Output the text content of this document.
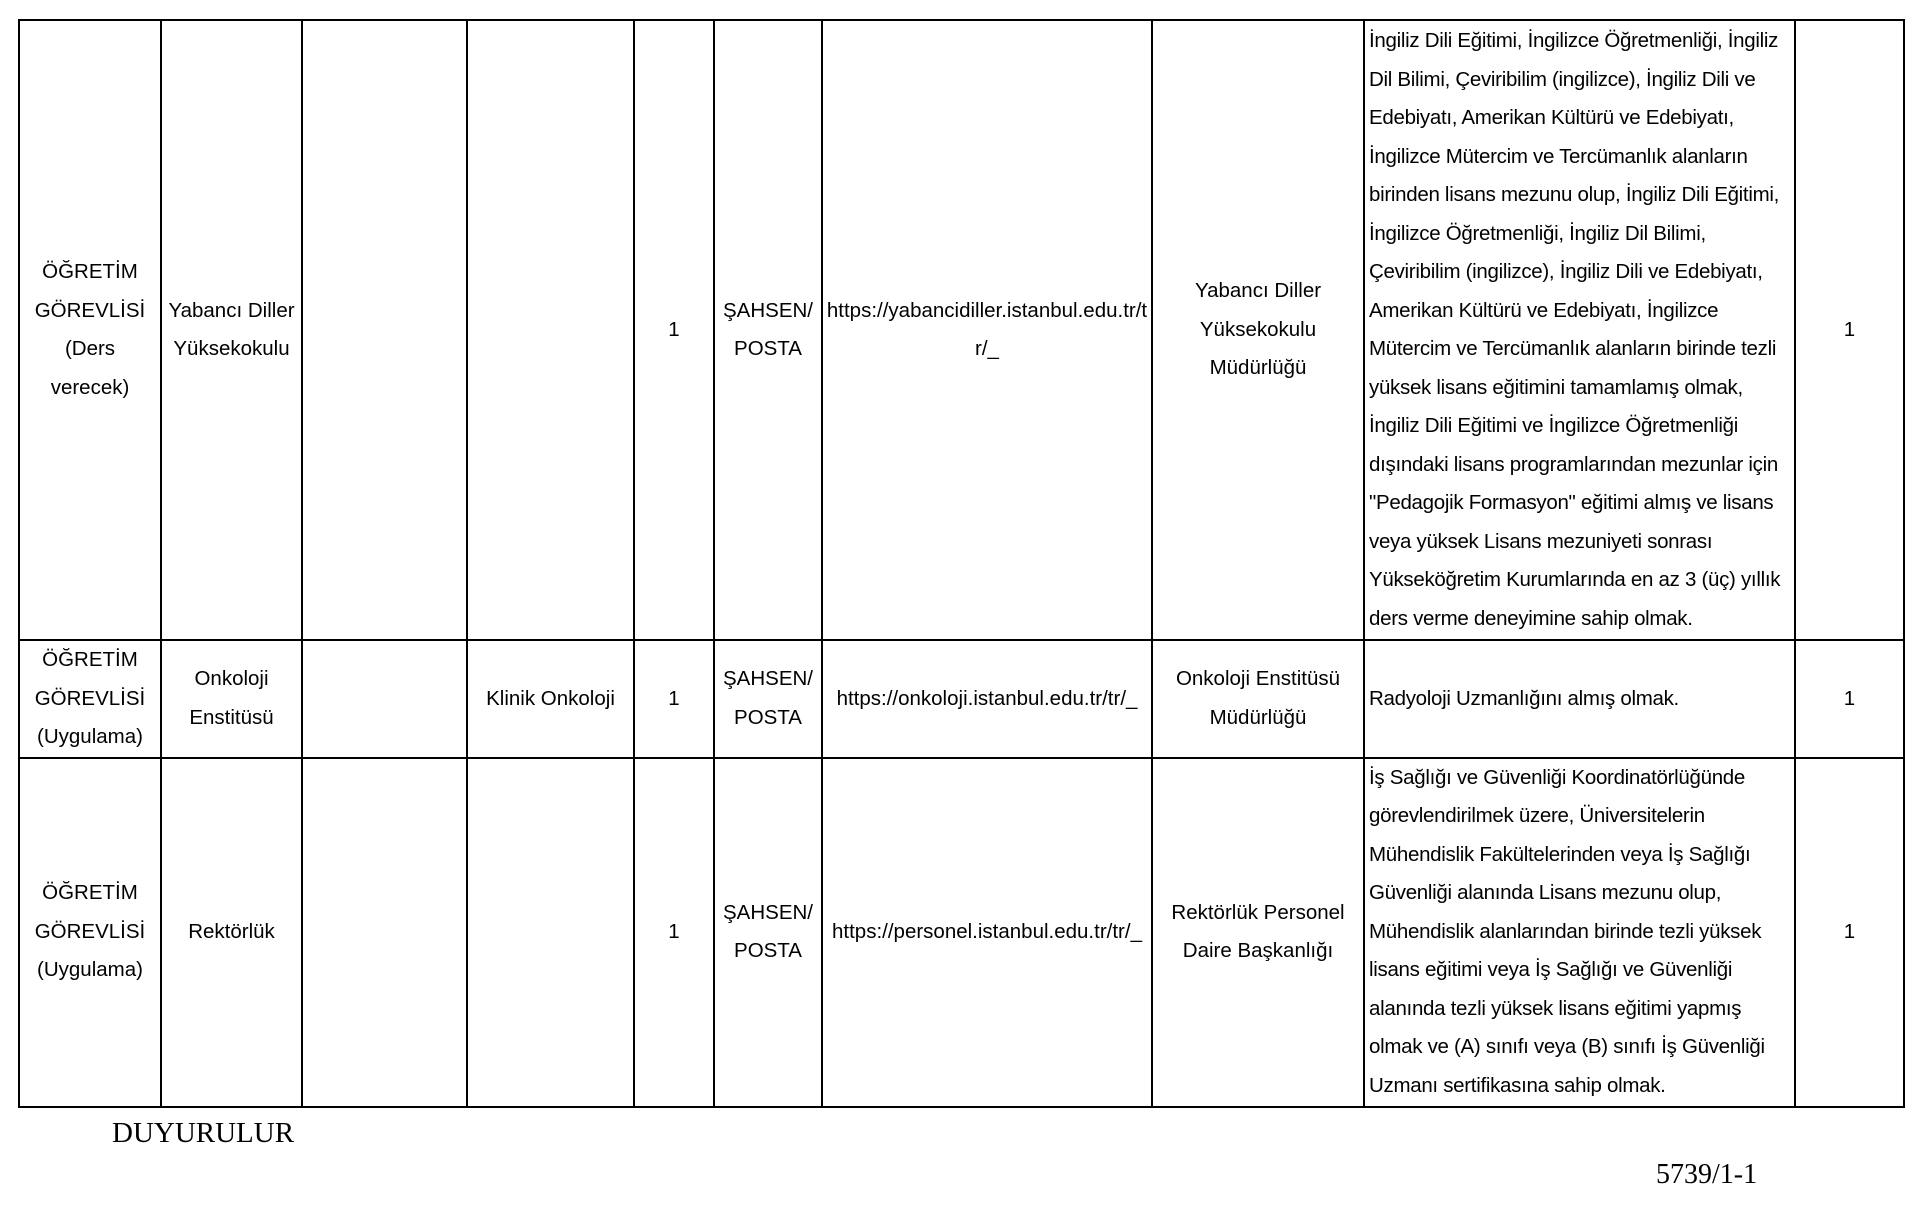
ÖĞRETİM GÖREVLİSİ (Ders verecek)	Yabancı Diller Yüksekokulu			1	ŞAHSEN/ POSTA	https://yabancidiller.istanbul.edu.tr/tr/_	Yabancı Diller Yüksekokulu Müdürlüğü	İngiliz Dili Eğitimi, İngilizce Öğretmenliği, İngiliz Dil Bilimi, Çeviribilim (ingilizce), İngiliz Dili ve Edebiyatı, Amerikan Kültürü ve Edebiyatı, İngilizce Mütercim ve Tercümanlık alanların birinden lisans mezunu olup, İngiliz Dili Eğitimi, İngilizce Öğretmenliği, İngiliz Dil Bilimi, Çeviribilim (ingilizce), İngiliz Dili ve Edebiyatı, Amerikan Kültürü ve Edebiyatı, İngilizce Mütercim ve Tercümanlık alanların birinde tezli yüksek lisans eğitimini tamamlamış olmak, İngiliz Dili Eğitimi ve İngilizce Öğretmenliği dışındaki lisans programlarından mezunlar için "Pedagojik Formasyon" eğitimi almış ve lisans veya yüksek Lisans mezuniyeti sonrası Yükseköğretim Kurumlarında en az 3 (üç) yıllık ders verme deneyimine sahip olmak.	1
ÖĞRETİM GÖREVLİSİ (Uygulama)	Onkoloji Enstitüsü		Klinik Onkoloji	1	ŞAHSEN/ POSTA	https://onkoloji.istanbul.edu.tr/tr/_	Onkoloji Enstitüsü Müdürlüğü	Radyoloji Uzmanlığını almış olmak.	1
ÖĞRETİM GÖREVLİSİ (Uygulama)	Rektörlük			1	ŞAHSEN/ POSTA	https://personel.istanbul.edu.tr/tr/_	Rektörlük Personel Daire Başkanlığı	İş Sağlığı ve Güvenliği Koordinatörlüğünde görevlendirilmek üzere, Üniversitelerin Mühendislik Fakültelerinden veya İş Sağlığı Güvenliği alanında Lisans mezunu olup, Mühendislik alanlarından birinde tezli yüksek lisans eğitimi veya İş Sağlığı ve Güvenliği alanında tezli yüksek lisans eğitimi yapmış olmak ve (A) sınıfı veya (B) sınıfı İş Güvenliği Uzmanı sertifikasına sahip olmak.	1
DUYURULUR
5739/1-1
